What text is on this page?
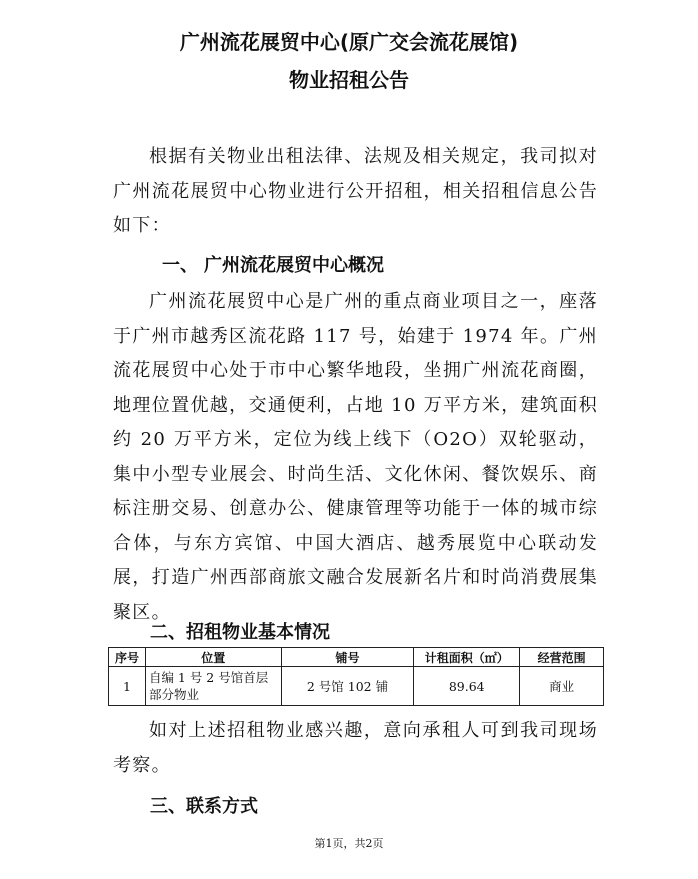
广州流花展贸中心(原广交会流花展馆)
物业招租公告

根据有关物业出租法律、法规及相关规定，我司拟对广州流花展贸中心物业进行公开招租，相关招租信息公告如下：

一、 广州流花展贸中心概况

广州流花展贸中心是广州的重点商业项目之一，座落于广州市越秀区流花路 117 号，始建于 1974 年。广州流花展贸中心处于市中心繁华地段，坐拥广州流花商圈，地理位置优越，交通便利，占地 10 万平方米，建筑面积约 20 万平方米，定位为线上线下（O2O）双轮驱动，集中小型专业展会、时尚生活、文化休闲、餐饮娱乐、商标注册交易、创意办公、健康管理等功能于一体的城市综合体，与东方宾馆、中国大酒店、越秀展览中心联动发展，打造广州西部商旅文融合发展新名片和时尚消费展集聚区。

二、招租物业基本情况
序号	位置	铺号	计租面积（㎡）	经营范围
1	自编 1 号 2 号馆首层部分物业	2 号馆 102 铺	89.64	商业

如对上述招租物业感兴趣，意向承租人可到我司现场考察。

三、联系方式
第1页，共2页
